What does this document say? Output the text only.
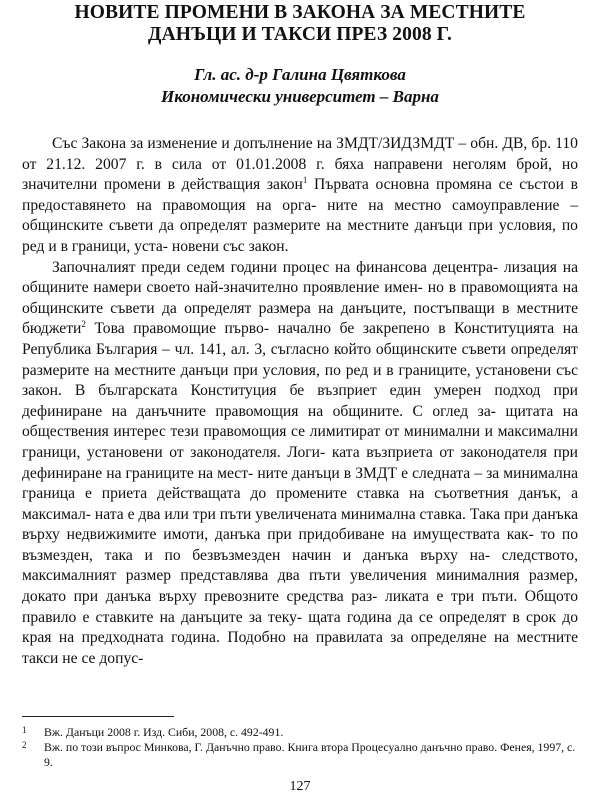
НОВИТЕ ПРОМЕНИ В ЗАКОНА ЗА МЕСТНИТЕ
ДАНЪЦИ И ТАКСИ ПРЕЗ 2008 Г.
Гл. ас. д-р Галина Цвяткова
Икономически университет – Варна

Със Закона за изменение и допълнение на ЗМДТ/ЗИДЗМДТ – обн. ДВ, бр. 110 от 21.12. 2007 г. в сила от 01.01.2008 г. бяха направени неголям брой, но значителни промени в действащия закон$^1$ Първата основна промяна се състои в предоставянето на правомощия на орга- ните на местно самоуправление – общинските съвети да определят размерите на местните данъци при условия, по ред и в граници, уста- новени със закон.

Започналият преди седем години процес на финансова децентра- лизация на общините намери своето най-значително проявление имен- но в правомощията на общинските съвети да определят размера на данъците, постъпващи в местните бюджети$^2$ Това правомощие първо- начално бе закрепено в Конституцията на Република България – чл. 141, ал. 3, съгласно който общинските съвети определят размерите на местните данъци при условия, по ред и в границите, установени със закон. В българската Конституция бе възприет един умерен подход при дефиниране на данъчните правомощия на общините. С оглед за- щитата на обществения интерес тези правомощия се лимитират от минимални и максимални граници, установени от законодателя. Логи- ката възприета от законодателя при дефиниране на границите на мест- ните данъци в ЗМДТ е следната – за минимална граница е приета действащата до промените ставка на съответния данък, а максимал- ната е два или три пъти увеличената минимална ставка. Така при данъка върху недвижимите имоти, данъка при придобиване на имуществата как- то по възмезден, така и по безвъзмезден начин и данъка върху на- следството, максималният размер представлява два пъти увеличения минималния размер, докато при данъка върху превозните средства раз- ликата е три пъти. Общото правило е ставките на данъците за теку- щата година да се определят в срок до края на предходната година. Подобно на правилата за определяне на местните такси не се допус-

1 Вж. Данъци 2008 г. Изд. Сиби, 2008, с. 492-491.
2 Вж. по този въпрос Минкова, Г. Данъчно право. Книга втора Процесуално данъчно право. Фенея, 1997, с. 9.
127
